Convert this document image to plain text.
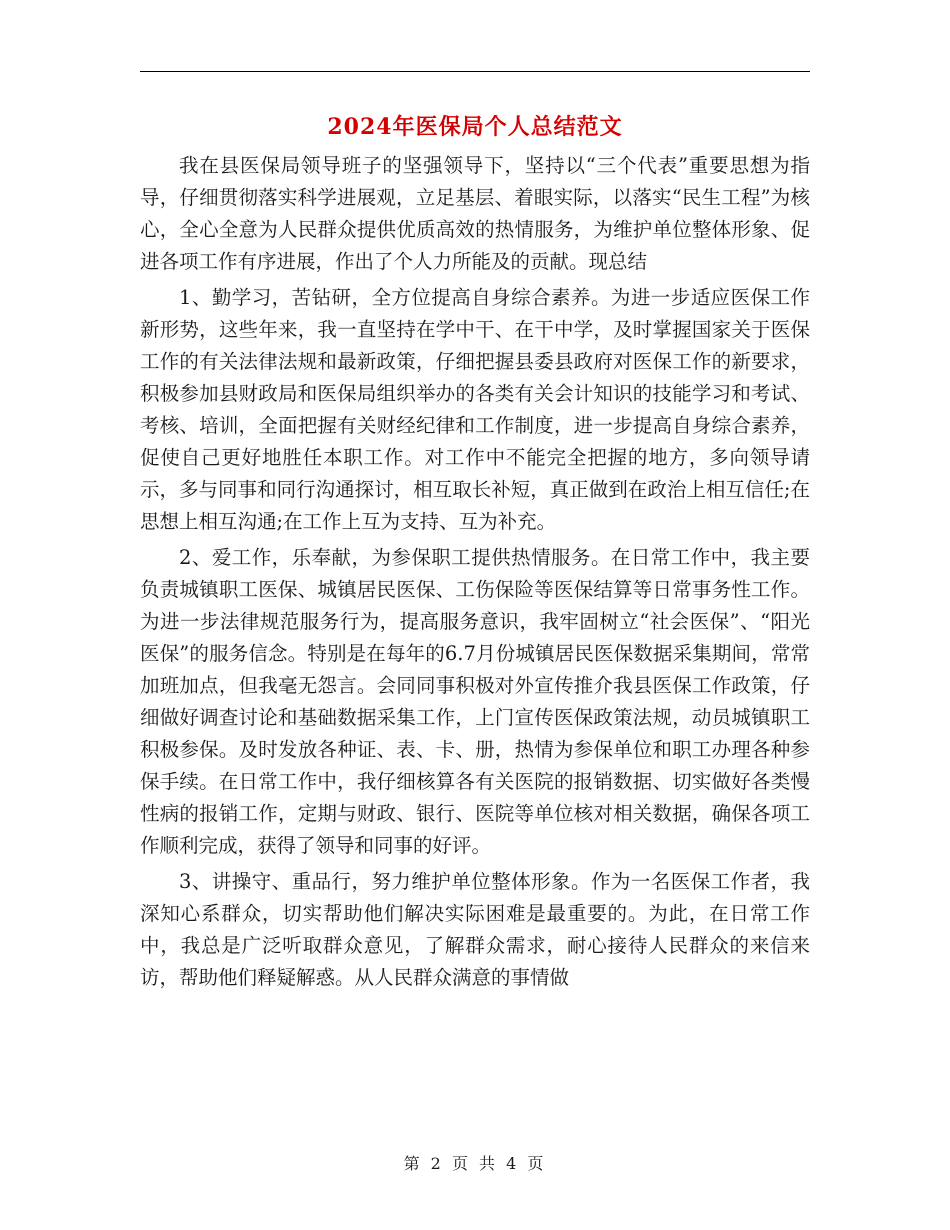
2024年医保局个人总结范文

我在县医保局领导班子的坚强领导下，坚持以“三个代表”重要思想为指导，仔细贯彻落实科学进展观，立足基层、着眼实际，以落实“民生工程”为核心，全心全意为人民群众提供优质高效的热情服务，为维护单位整体形象、促进各项工作有序进展，作出了个人力所能及的贡献。现总结

1、勤学习，苦钻研，全方位提高自身综合素养。为进一步适应医保工作新形势，这些年来，我一直坚持在学中干、在干中学，及时掌握国家关于医保工作的有关法律法规和最新政策，仔细把握县委县政府对医保工作的新要求，积极参加县财政局和医保局组织举办的各类有关会计知识的技能学习和考试、考核、培训，全面把握有关财经纪律和工作制度，进一步提高自身综合素养，促使自己更好地胜任本职工作。对工作中不能完全把握的地方，多向领导请示，多与同事和同行沟通探讨，相互取长补短，真正做到在政治上相互信任;在思想上相互沟通;在工作上互为支持、互为补充。

2、爱工作，乐奉献，为参保职工提供热情服务。在日常工作中，我主要负责城镇职工医保、城镇居民医保、工伤保险等医保结算等日常事务性工作。为进一步法律规范服务行为，提高服务意识，我牢固树立“社会医保”、“阳光医保”的服务信念。特别是在每年的6.7月份城镇居民医保数据采集期间，常常加班加点，但我毫无怨言。会同同事积极对外宣传推介我县医保工作政策，仔细做好调查讨论和基础数据采集工作，上门宣传医保政策法规，动员城镇职工积极参保。及时发放各种证、表、卡、册，热情为参保单位和职工办理各种参保手续。在日常工作中，我仔细核算各有关医院的报销数据、切实做好各类慢性病的报销工作，定期与财政、银行、医院等单位核对相关数据，确保各项工作顺利完成，获得了领导和同事的好评。

3、讲操守、重品行，努力维护单位整体形象。作为一名医保工作者，我深知心系群众，切实帮助他们解决实际困难是最重要的。为此，在日常工作中，我总是广泛听取群众意见，了解群众需求，耐心接待人民群众的来信来访，帮助他们释疑解惑。从人民群众满意的事情做

第 2 页 共 4 页
